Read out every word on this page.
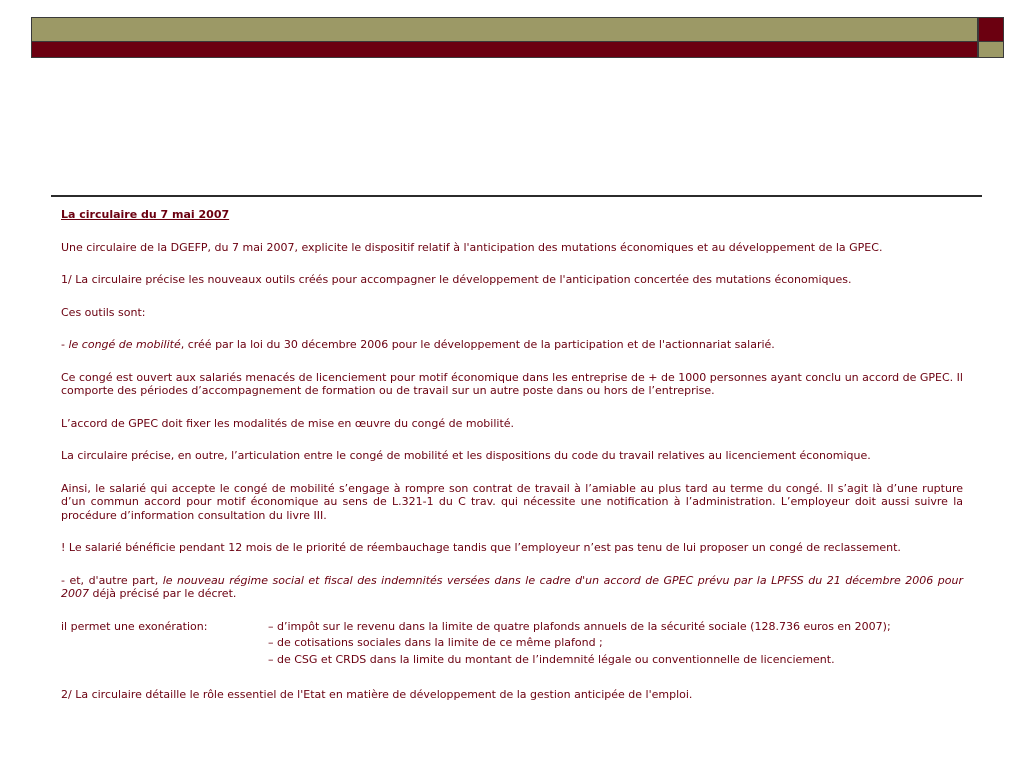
La circulaire du 7 mai 2007

Une circulaire de la DGEFP, du 7 mai 2007, explicite le dispositif relatif à l'anticipation des mutations économiques et au développement de la GPEC.

1/ La circulaire précise les nouveaux outils créés pour accompagner le développement de l'anticipation concertée des mutations économiques.

Ces outils sont:

- le congé de mobilité, créé par la loi du 30 décembre 2006 pour le développement de la participation et de l'actionnariat salarié.

Ce congé est ouvert aux salariés menacés de licenciement pour motif économique dans les entreprise de + de 1000 personnes ayant conclu un accord de GPEC. Il comporte des périodes d’accompagnement de formation ou de travail sur un autre poste dans ou hors de l’entreprise.

L’accord de GPEC doit fixer les modalités de mise en œuvre du congé de mobilité.

La circulaire précise, en outre, l’articulation entre le congé de mobilité et les dispositions du code du travail relatives au licenciement économique.

Ainsi, le salarié qui accepte le congé de mobilité s’engage à rompre son contrat de travail à l’amiable au plus tard au terme du congé. Il s’agit là d’une rupture d’un commun accord pour motif économique au sens de L.321-1 du C trav. qui nécessite une notification à l’administration. L’employeur doit aussi suivre la procédure d’information consultation du livre III.

! Le salarié bénéficie pendant 12 mois de le priorité de réembauchage tandis que l’employeur n’est pas tenu de lui proposer un congé de reclassement.

- et, d'autre part, le nouveau régime social et fiscal des indemnités versées dans le cadre d'un accord de GPEC prévu par la LPFSS du 21 décembre 2006 pour 2007 déjà précisé par le décret.

il permet une exonération:	– d’impôt sur le revenu dans la limite de quatre plafonds annuels de la sécurité sociale (128.736 euros en 2007);
– de cotisations sociales dans la limite de ce même plafond ;
– de CSG et CRDS dans la limite du montant de l’indemnité légale ou conventionnelle de licenciement.

2/ La circulaire détaille le rôle essentiel de l'Etat en matière de développement de la gestion anticipée de l'emploi.
